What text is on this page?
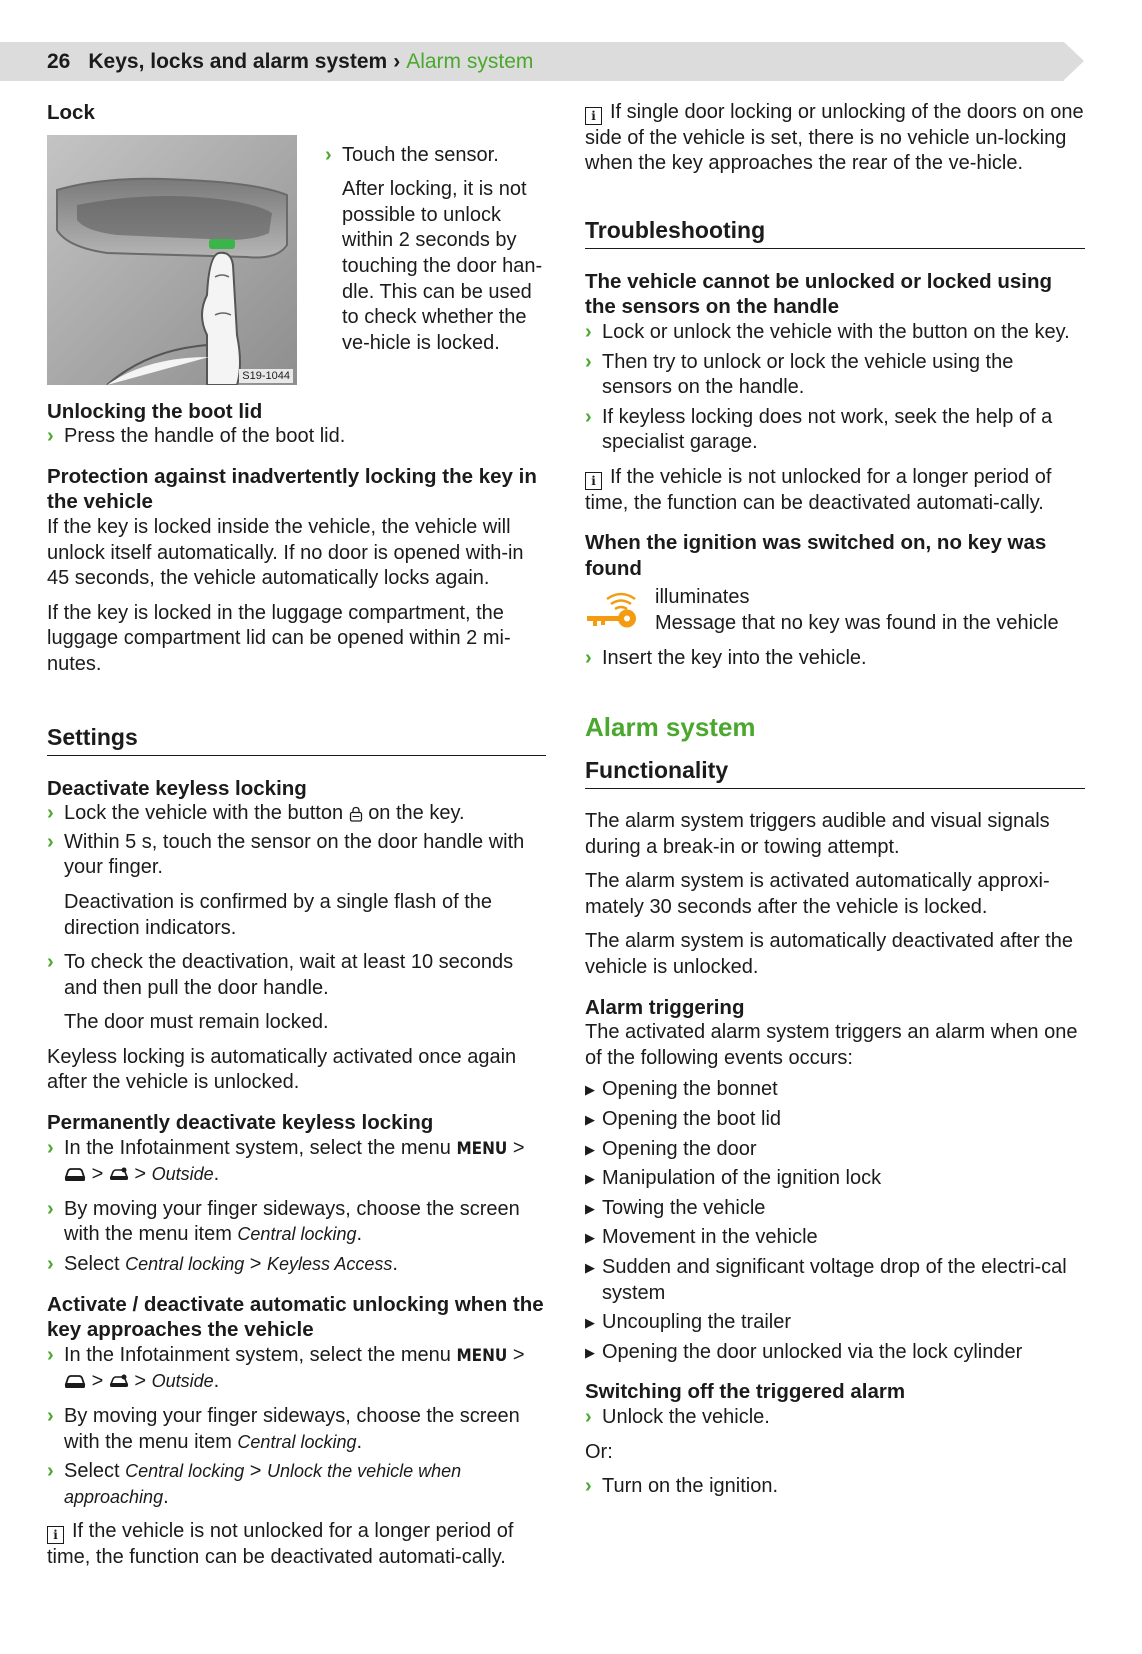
26 Keys, locks and alarm system › Alarm system

Lock

S19-1044
› Touch the sensor.

After locking, it is not possible to unlock within 2 seconds by touching the door han-dle. This can be used to check whether the ve-hicle is locked.

Unlocking the boot lid

› Press the handle of the boot lid.

Protection against inadvertently locking the key in the vehicle

If the key is locked inside the vehicle, the vehicle will unlock itself automatically. If no door is opened with-in 45 seconds, the vehicle automatically locks again.

If the key is locked in the luggage compartment, the luggage compartment lid can be opened within 2 mi-nutes.

Settings

Deactivate keyless locking

› Lock the vehicle with the button on the key.
› Within 5 s, touch the sensor on the door handle with your finger.

Deactivation is confirmed by a single flash of the direction indicators.

› To check the deactivation, wait at least 10 seconds and then pull the door handle.

The door must remain locked.

Keyless locking is automatically activated once again after the vehicle is unlocked.

Permanently deactivate keyless locking

› In the Infotainment system, select the menu MENU >
> > Outside.
› By moving your finger sideways, choose the screen with the menu item Central locking.
› Select Central locking > Keyless Access.

Activate / deactivate automatic unlocking when the key approaches the vehicle

› In the Infotainment system, select the menu MENU >
> > Outside.
› By moving your finger sideways, choose the screen with the menu item Central locking.
› Select Central locking > Unlock the vehicle when approaching.

i If the vehicle is not unlocked for a longer period of time, the function can be deactivated automati-cally.

i If single door locking or unlocking of the doors on one side of the vehicle is set, there is no vehicle un-locking when the key approaches the rear of the ve-hicle.

Troubleshooting

The vehicle cannot be unlocked or locked using the sensors on the handle

› Lock or unlock the vehicle with the button on the key.
› Then try to unlock or lock the vehicle using the sensors on the handle.
› If keyless locking does not work, seek the help of a specialist garage.

i If the vehicle is not unlocked for a longer period of time, the function can be deactivated automati-cally.

When the ignition was switched on, no key was found

illuminates

Message that no key was found in the vehicle

› Insert the key into the vehicle.

Alarm system

Functionality

The alarm system triggers audible and visual signals during a break-in or towing attempt.

The alarm system is activated automatically approxi-mately 30 seconds after the vehicle is locked.

The alarm system is automatically deactivated after the vehicle is unlocked.

Alarm triggering

The activated alarm system triggers an alarm when one of the following events occurs:

▶ Opening the bonnet
▶ Opening the boot lid
▶ Opening the door
▶ Manipulation of the ignition lock
▶ Towing the vehicle
▶ Movement in the vehicle
▶ Sudden and significant voltage drop of the electri-cal system
▶ Uncoupling the trailer
▶ Opening the door unlocked via the lock cylinder

Switching off the triggered alarm

› Unlock the vehicle.

Or:

› Turn on the ignition.
